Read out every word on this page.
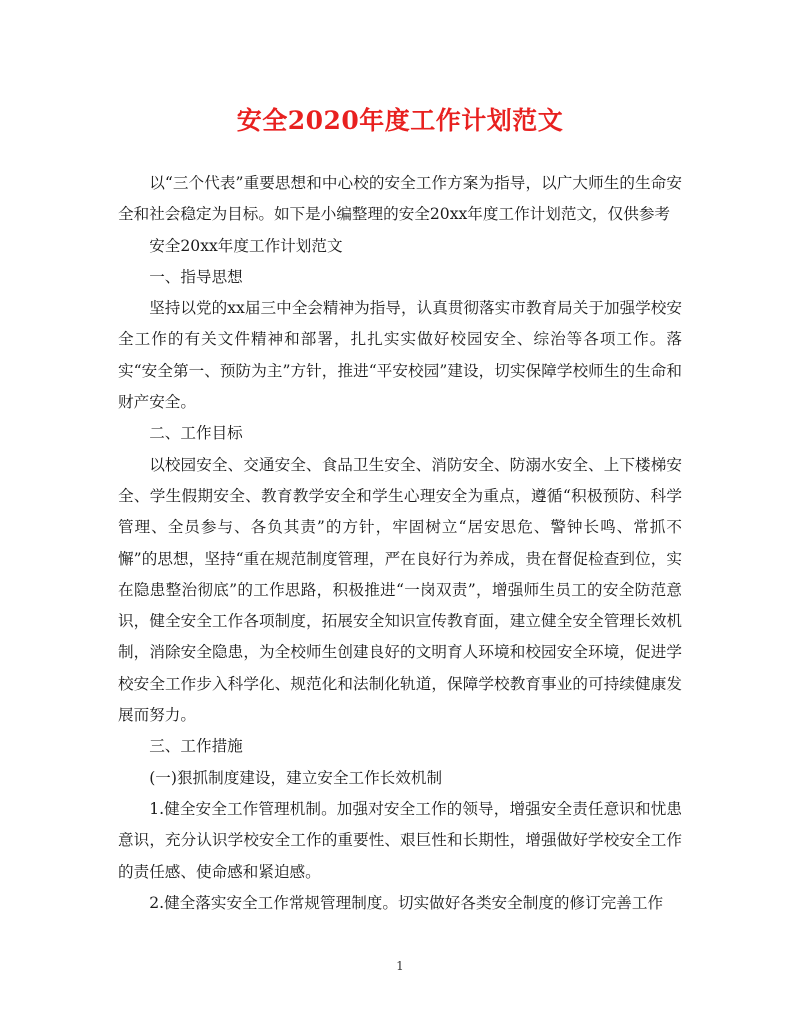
安全2020年度工作计划范文

以“三个代表”重要思想和中心校的安全工作方案为指导，以广大师生的生命安全和社会稳定为目标。如下是小编整理的安全20xx年度工作计划范文，仅供参考

安全20xx年度工作计划范文

一、指导思想

坚持以党的xx届三中全会精神为指导，认真贯彻落实市教育局关于加强学校安全工作的有关文件精神和部署，扎扎实实做好校园安全、综治等各项工作。落实“安全第一、预防为主”方针，推进“平安校园”建设，切实保障学校师生的生命和财产安全。

二、工作目标

以校园安全、交通安全、食品卫生安全、消防安全、防溺水安全、上下楼梯安全、学生假期安全、教育教学安全和学生心理安全为重点，遵循“积极预防、科学管理、全员参与、各负其责”的方针，牢固树立“居安思危、警钟长鸣、常抓不懈”的思想，坚持“重在规范制度管理，严在良好行为养成，贵在督促检查到位，实在隐患整治彻底”的工作思路，积极推进“一岗双责”，增强师生员工的安全防范意识，健全安全工作各项制度，拓展安全知识宣传教育面，建立健全安全管理长效机制，消除安全隐患，为全校师生创建良好的文明育人环境和校园安全环境，促进学校安全工作步入科学化、规范化和法制化轨道，保障学校教育事业的可持续健康发展而努力。

三、工作措施

(一)狠抓制度建设，建立安全工作长效机制

1.健全安全工作管理机制。加强对安全工作的领导，增强安全责任意识和忧患意识，充分认识学校安全工作的重要性、艰巨性和长期性，增强做好学校安全工作的责任感、使命感和紧迫感。

2.健全落实安全工作常规管理制度。切实做好各类安全制度的修订完善工作

1
